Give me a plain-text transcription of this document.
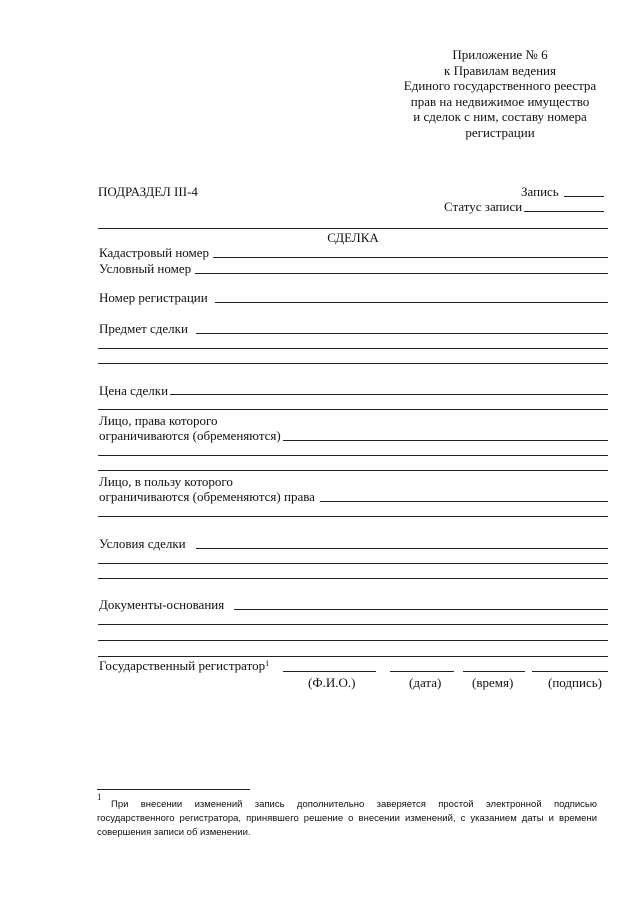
Приложение № 6
к Правилам ведения
Единого государственного реестра
прав на недвижимое имущество
и сделок с ним, составу номера
регистрации
ПОДРАЗДЕЛ III-4	Запись
Статус записи
СДЕЛКА
Кадастровый номер
Условный номер
Номер регистрации
Предмет сделки
Цена сделки
Лицо, права которого
ограничиваются (обременяются)
Лицо, в пользу которого
ограничиваются (обременяются) права
Условия сделки
Документы-основания
Государственный регистратор$^1$
(Ф.И.О.)	(дата) (время)	(подпись)
1
При внесении изменений запись дополнительно заверяется простой электронной подписью государственного регистратора, принявшего решение о внесении изменений, с указанием даты и времени совершения записи об изменении.
